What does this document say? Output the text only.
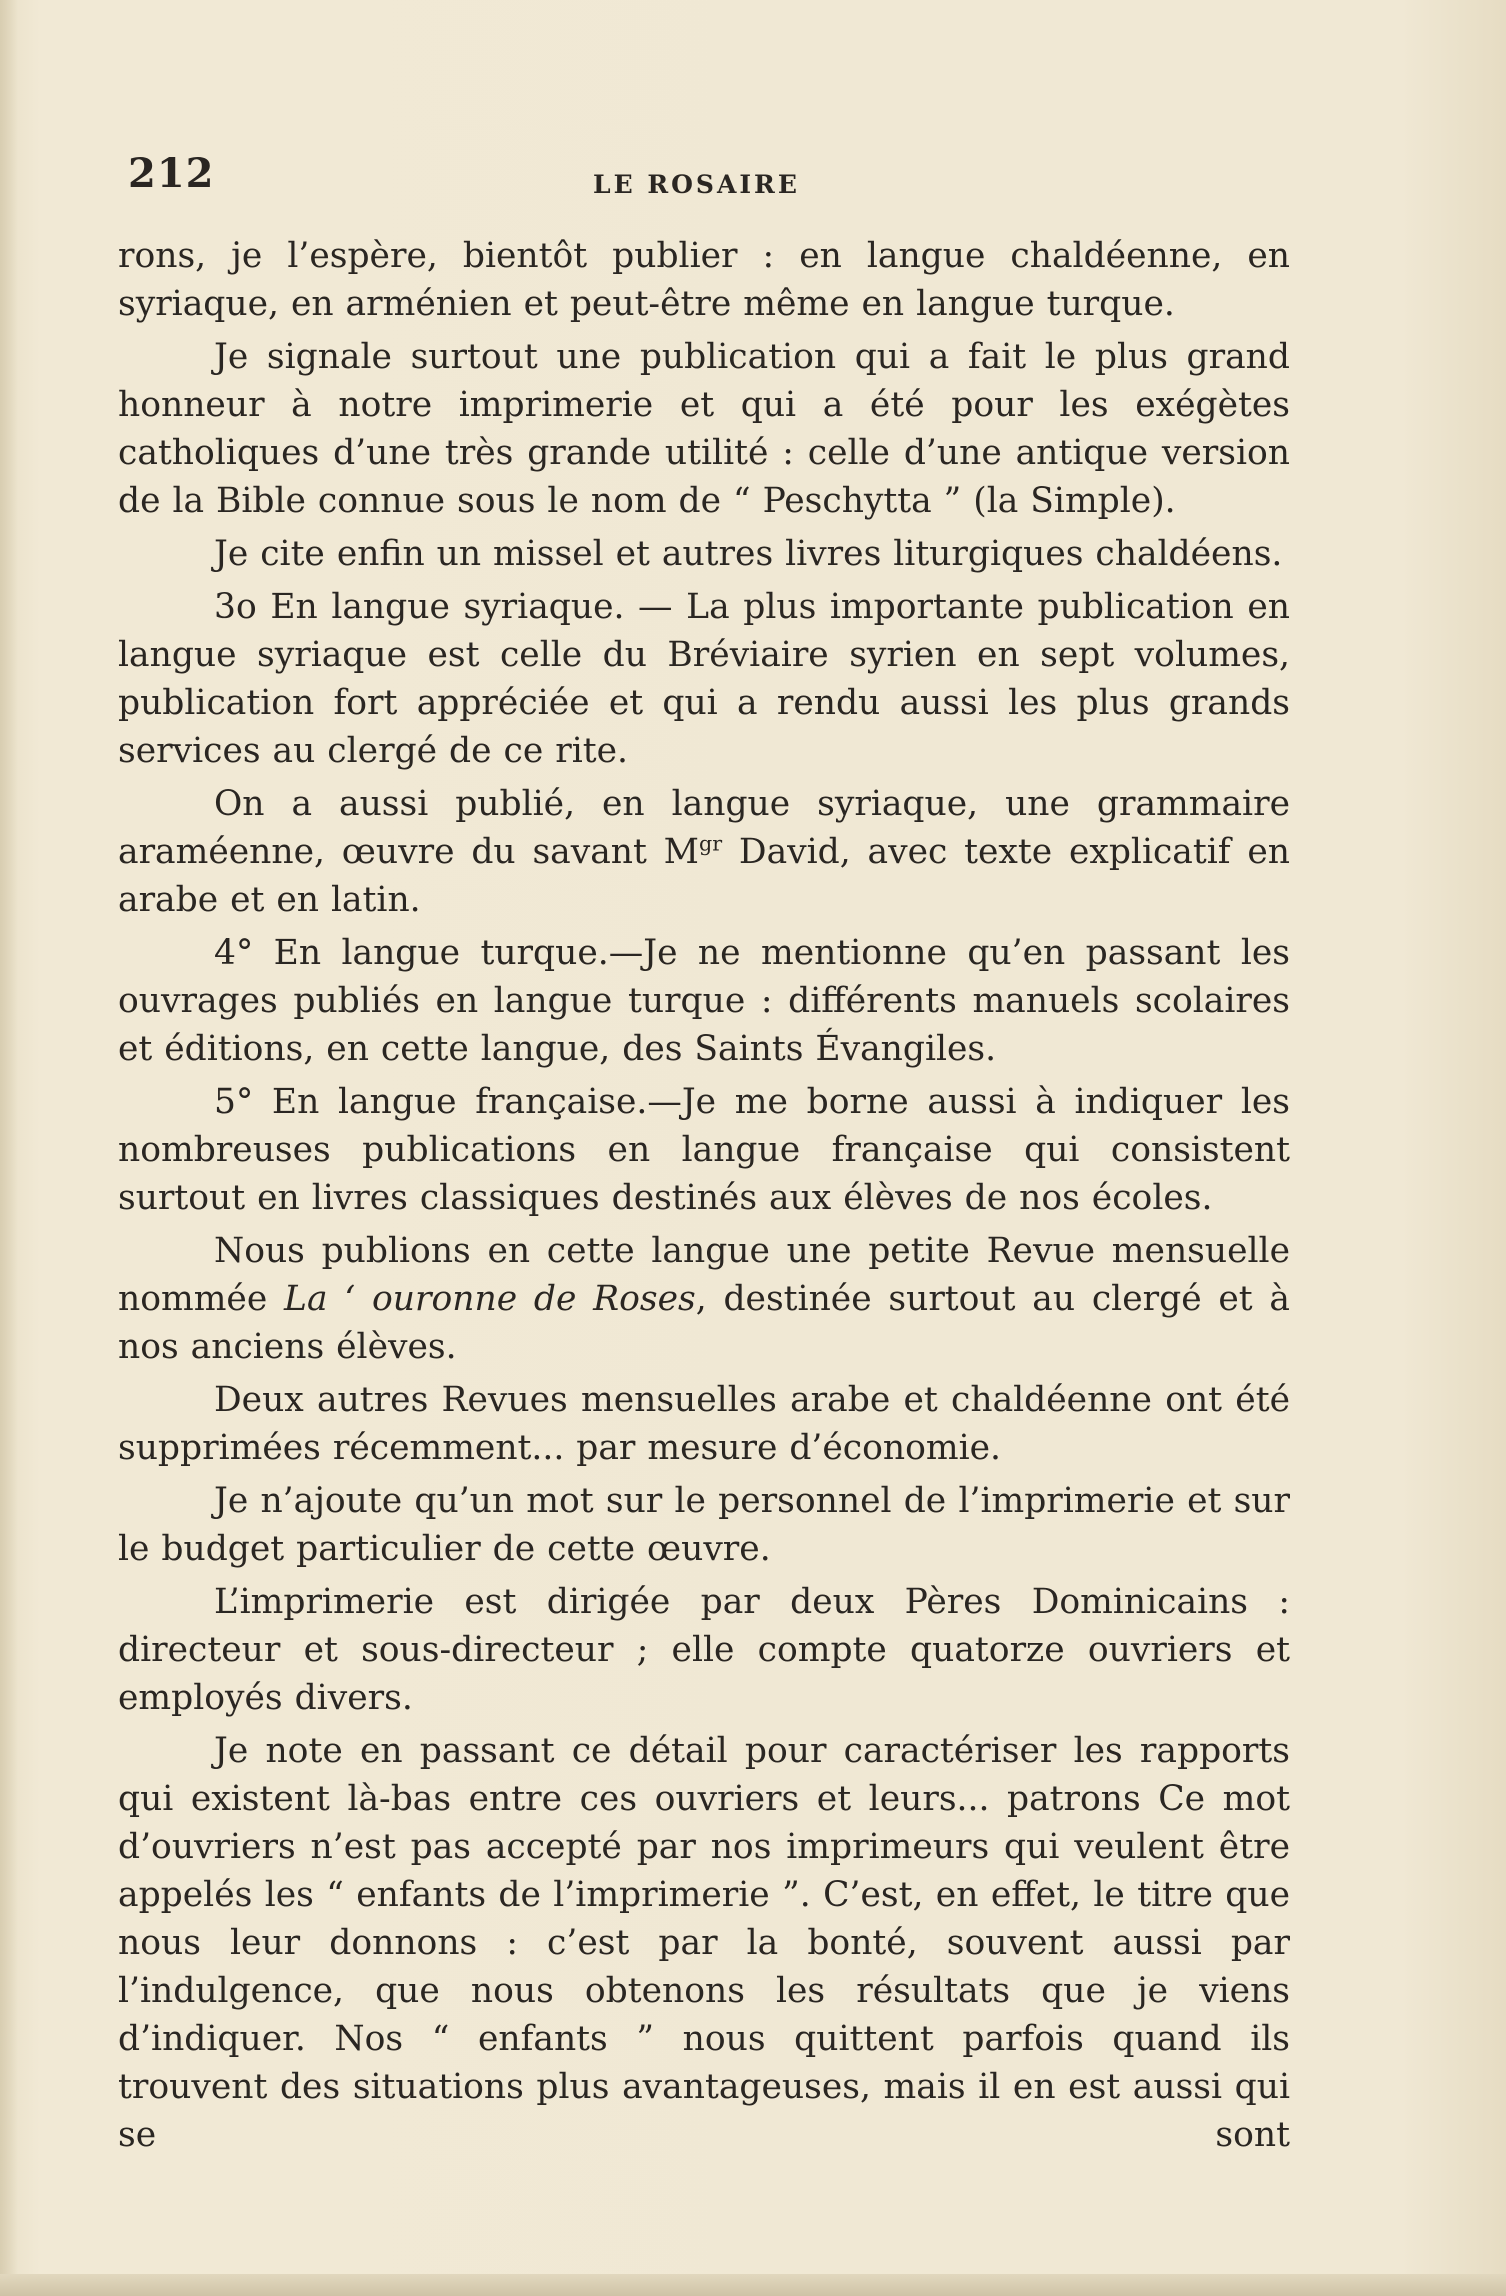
212	LE ROSAIRE

rons, je l’espère, bientôt publier : en langue chaldéenne, en syriaque, en arménien et peut-être même en langue turque.

Je signale surtout une publication qui a fait le plus grand honneur à notre imprimerie et qui a été pour les exégètes catholiques d’une très grande utilité : celle d’une antique version de la Bible connue sous le nom de “ Peschytta ” (la Simple).

Je cite enfin un missel et autres livres liturgiques chaldéens.

3o En langue syriaque. — La plus importante publication en langue syriaque est celle du Bréviaire syrien en sept volumes, publication fort appréciée et qui a rendu aussi les plus grands services au clergé de ce rite.

On a aussi publié, en langue syriaque, une grammaire araméenne, œuvre du savant $M^{gr}$ David, avec texte explicatif en arabe et en latin.

4° En langue turque.—Je ne mentionne qu’en passant les ouvrages publiés en langue turque : différents manuels scolaires et éditions, en cette langue, des Saints Évangiles.

5° En langue française.—Je me borne aussi à indiquer les nombreuses publications en langue française qui consistent surtout en livres classiques destinés aux élèves de nos écoles.

Nous publions en cette langue une petite Revue mensuelle nommée La ‘ ouronne de Roses, destinée surtout au clergé et à nos anciens élèves.

Deux autres Revues mensuelles arabe et chaldéenne ont été supprimées récemment... par mesure d’économie.

Je n’ajoute qu’un mot sur le personnel de l’imprimerie et sur le budget particulier de cette œuvre.

L’imprimerie est dirigée par deux Pères Dominicains : directeur et sous-directeur ; elle compte quatorze ouvriers et employés divers.

Je note en passant ce détail pour caractériser les rapports qui existent là-bas entre ces ouvriers et leurs... patrons Ce mot d’ouvriers n’est pas accepté par nos imprimeurs qui veulent être appelés les “ enfants de l’imprimerie ”. C’est, en effet, le titre que nous leur donnons : c’est par la bonté, souvent aussi par l’indulgence, que nous obtenons les résultats que je viens d’indiquer. Nos “ enfants ” nous quittent parfois quand ils trouvent des situations plus avantageuses, mais il en est aussi qui se sont
